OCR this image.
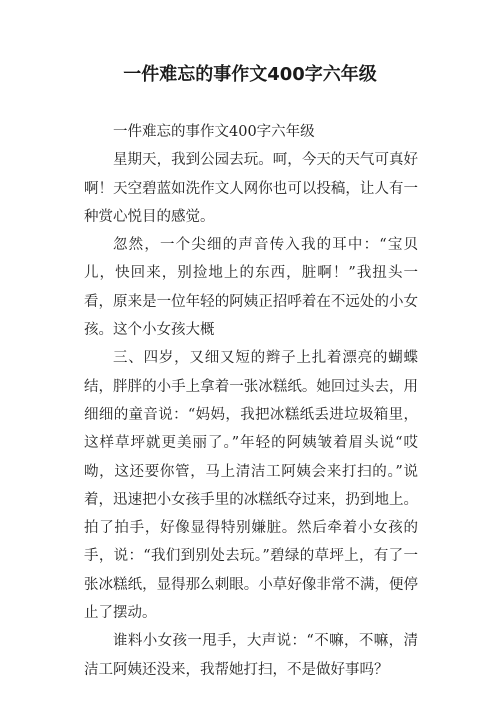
一件难忘的事作文400字六年级

一件难忘的事作文400字六年级

星期天，我到公园去玩。呵，今天的天气可真好啊！天空碧蓝如洗作文人网你也可以投稿，让人有一种赏心悦目的感觉。

忽然，一个尖细的声音传入我的耳中：“宝贝儿，快回来，别捡地上的东西，脏啊！”我扭头一看，原来是一位年轻的阿姨正招呼着在不远处的小女孩。这个小女孩大概

三、四岁，又细又短的辫子上扎着漂亮的蝴蝶结，胖胖的小手上拿着一张冰糕纸。她回过头去，用细细的童音说：“妈妈，我把冰糕纸丢进垃圾箱里，这样草坪就更美丽了。”年轻的阿姨皱着眉头说“哎呦，这还要你管，马上清洁工阿姨会来打扫的。”说着，迅速把小女孩手里的冰糕纸夺过来，扔到地上。拍了拍手，好像显得特别嫌脏。然后牵着小女孩的手，说：“我们到别处去玩。”碧绿的草坪上，有了一张冰糕纸，显得那么刺眼。小草好像非常不满，便停止了摆动。

谁料小女孩一甩手，大声说：“不嘛，不嘛，清洁工阿姨还没来，我帮她打扫，不是做好事吗？
